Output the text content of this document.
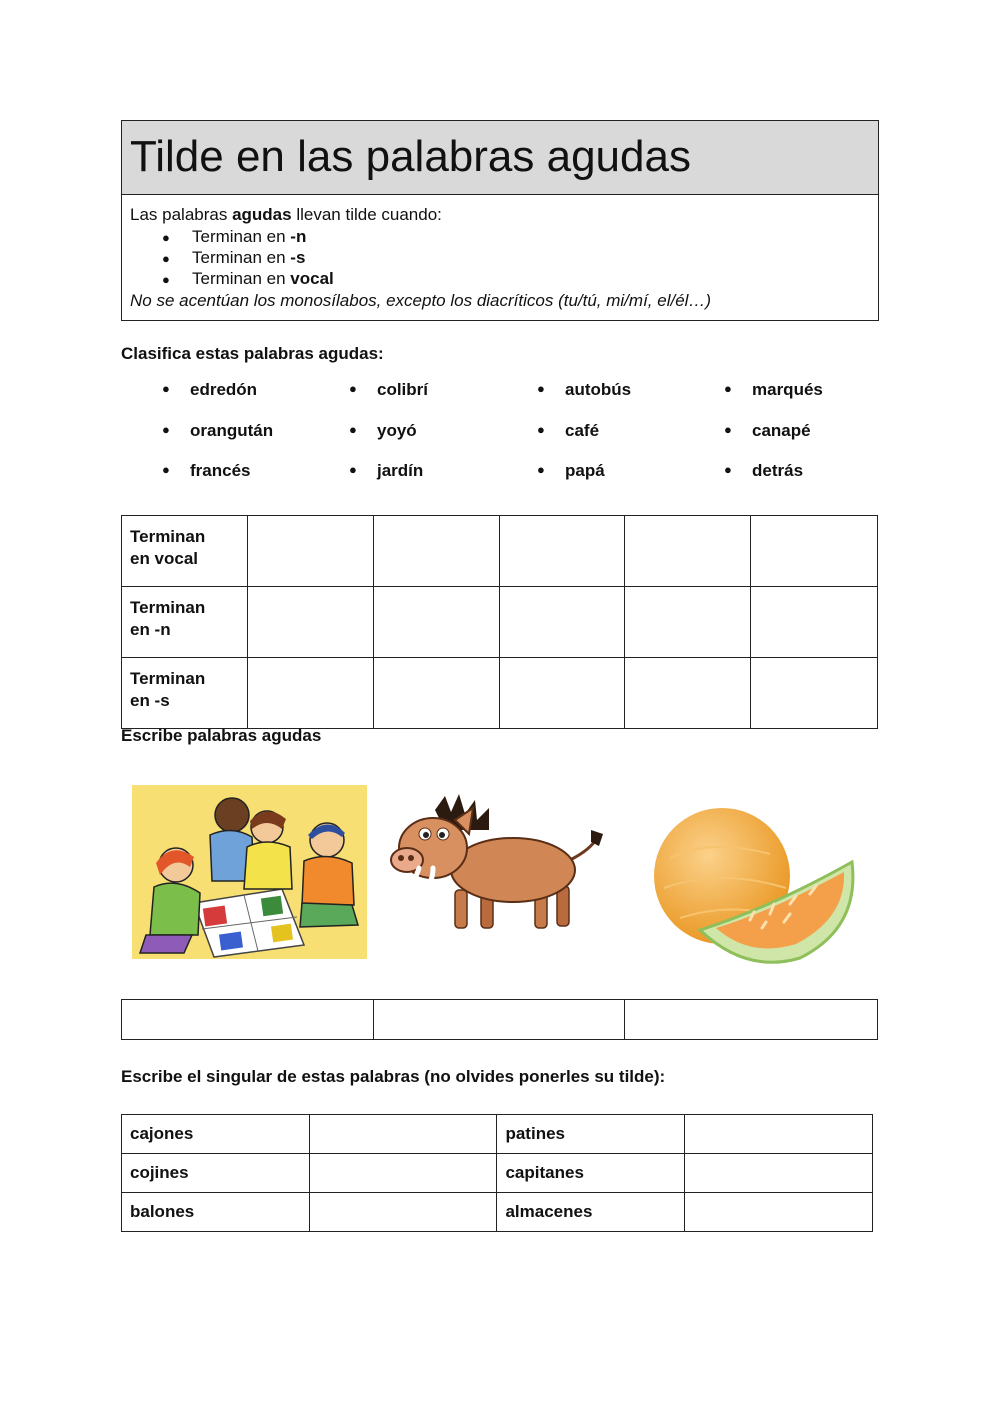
Tilde en las palabras agudas
Las palabras agudas llevan tilde cuando:
● Terminan en -n
● Terminan en -s
● Terminan en vocal
No se acentúan los monosílabos, excepto los diacríticos (tu/tú, mi/mí, el/él…)
Clasifica estas palabras agudas:
● edredón	● colibrí	● autobús	● marqués
● orangután	● yoyó	● café	● canapé
● francés	● jardín	● papá	● detrás
Terminan
en vocal					
Terminan
en -n					
Terminan
en -s					
Escribe palabras agudas

Escribe el singular de estas palabras (no olvides ponerles su tilde):
cajones		patines	
cojines		capitanes	
balones		almacenes	
